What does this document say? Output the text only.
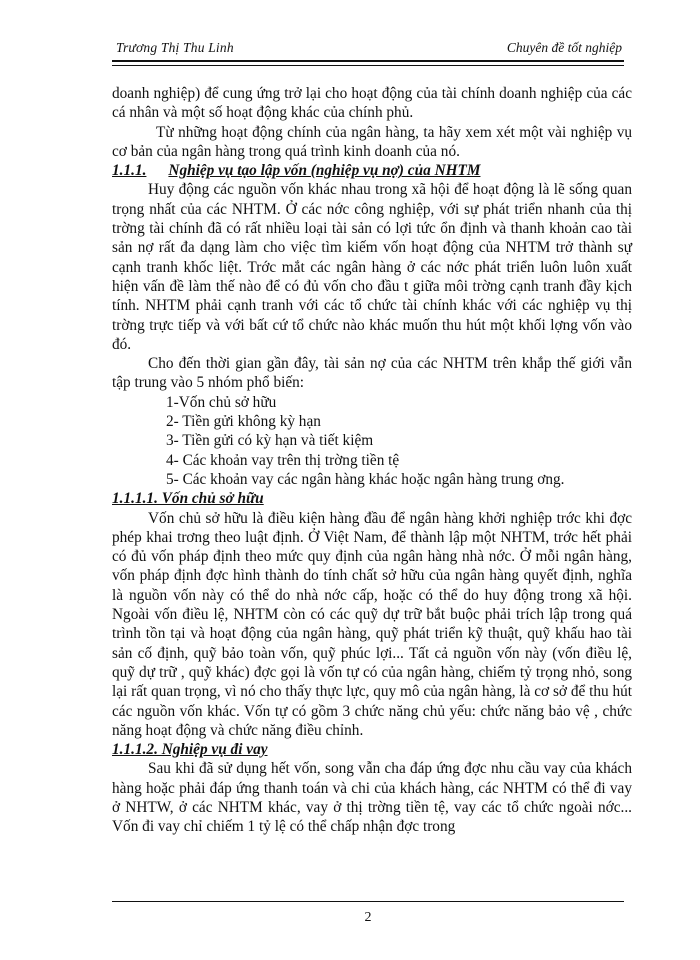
Trương Thị Thu Linh	Chuyên đề tốt nghiệp

doanh nghiệp) để cung ứng trở lại cho hoạt động của tài chính doanh nghiệp của các cá nhân và một số hoạt động khác của chính phủ.

Từ những hoạt động chính của ngân hàng, ta hãy xem xét một vài nghiệp vụ cơ bản của ngân hàng trong quá trình kinh doanh của nó.

1.1.1. Nghiệp vụ tạo lập vốn (nghiệp vụ nợ) của NHTM

Huy động các nguồn vốn khác nhau trong xã hội để hoạt động là lẽ sống quan trọng nhất của các NHTM. Ở các nớc công nghiệp, với sự phát triển nhanh của thị trờng tài chính đã có rất nhiều loại tài sản có lợi tức ổn định và thanh khoản cao tài sản nợ rất đa dạng làm cho việc tìm kiếm vốn hoạt động của NHTM trở thành sự cạnh tranh khốc liệt. Trớc mắt các ngân hàng ở các nớc phát triển luôn luôn xuất hiện vấn đề làm thế nào để có đủ vốn cho đầu t giữa môi trờng cạnh tranh đầy kịch tính. NHTM phải cạnh tranh với các tổ chức tài chính khác với các nghiệp vụ thị trờng trực tiếp và với bất cứ tổ chức nào khác muốn thu hút một khối lợng vốn vào đó.

Cho đến thời gian gần đây, tài sản nợ của các NHTM trên khắp thế giới vẫn tập trung vào 5 nhóm phổ biến:

1-Vốn chủ sở hữu

2- Tiền gửi không kỳ hạn

3- Tiền gửi có kỳ hạn và tiết kiệm

4- Các khoản vay trên thị trờng tiền tệ

5- Các khoản vay các ngân hàng khác hoặc ngân hàng trung ơng.

1.1.1.1. Vốn chủ sở hữu

Vốn chủ sở hữu là điều kiện hàng đầu để ngân hàng khởi nghiệp trớc khi đợc phép khai trơng theo luật định. Ở Việt Nam, để thành lập một NHTM, trớc hết phải có đủ vốn pháp định theo mức quy định của ngân hàng nhà nớc. Ở mỗi ngân hàng, vốn pháp định đợc hình thành do tính chất sở hữu của ngân hàng quyết định, nghĩa là nguồn vốn này có thể do nhà nớc cấp, hoặc có thể do huy động trong xã hội. Ngoài vốn điều lệ, NHTM còn có các quỹ dự trữ bắt buộc phải trích lập trong quá trình tồn tại và hoạt động của ngân hàng, quỹ phát triển kỹ thuật, quỹ khấu hao tài sản cố định, quỹ bảo toàn vốn, quỹ phúc lợi... Tất cả nguồn vốn này (vốn điều lệ, quỹ dự trữ , quỹ khác) đợc gọi là vốn tự có của ngân hàng, chiếm tỷ trọng nhỏ, song lại rất quan trọng, vì nó cho thấy thực lực, quy mô của ngân hàng, là cơ sở để thu hút các nguồn vốn khác. Vốn tự có gồm 3 chức năng chủ yếu: chức năng bảo vệ , chức năng hoạt động và chức năng điều chỉnh.

1.1.1.2. Nghiệp vụ đi vay

Sau khi đã sử dụng hết vốn, song vẫn cha đáp ứng đợc nhu cầu vay của khách hàng hoặc phải đáp ứng thanh toán và chi của khách hàng, các NHTM có thể đi vay ở NHTW, ở các NHTM khác, vay ở thị trờng tiền tệ, vay các tổ chức ngoài nớc... Vốn đi vay chỉ chiếm 1 tỷ lệ có thể chấp nhận đợc trong

2
